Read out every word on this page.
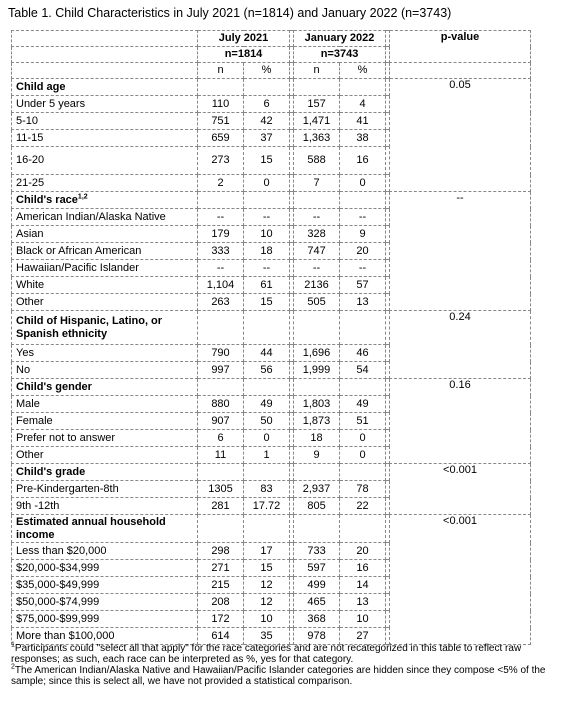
Table 1. Child Characteristics in July 2021 (n=1814) and January 2022 (n=3743)
	July 2021			January 2022			p-value
	n=1814			n=3743			
	n	%		n	%		
Child age							0.05
Under 5 years	110	6		157	4		
5-10	751	42		1,471	41		
11-15	659	37		1,363	38		
16-20	273	15		588	16		
21-25	2	0		7	0		
Child's race$^{1,2}$							--
American Indian/Alaska Native	--	--		--	--		
Asian	179	10		328	9		
Black or African American	333	18		747	20		
Hawaiian/Pacific Islander	--	--		--	--		
White	1,104	61		2136	57		
Other	263	15		505	13		
Child of Hispanic, Latino, or Spanish ethnicity							0.24
Yes	790	44		1,696	46		
No	997	56		1,999	54		
Child's gender							0.16
Male	880	49		1,803	49		
Female	907	50		1,873	51		
Prefer not to answer	6	0		18	0		
Other	11	1		9	0		
Child's grade							<0.001
Pre-Kindergarten-8th	1305	83		2,937	78		
9th -12th	281	17.72		805	22		
Estimated annual household income							<0.001
Less than $20,000	298	17		733	20		
$20,000-$34,999	271	15		597	16		
$35,000-$49,999	215	12		499	14		
$50,000-$74,999	208	12		465	13		
$75,000-$99,999	172	10		368	10		
More than $100,000	614	35		978	27		

$^1$Participants could "select all that apply" for the race categories and are not recategorized in this table to reflect raw responses; as such, each race can be interpreted as %, yes for that category.

$^2$The American Indian/Alaska Native and Hawaiian/Pacific Islander categories are hidden since they compose <5% of the sample; since this is select all, we have not provided a statistical comparison.
